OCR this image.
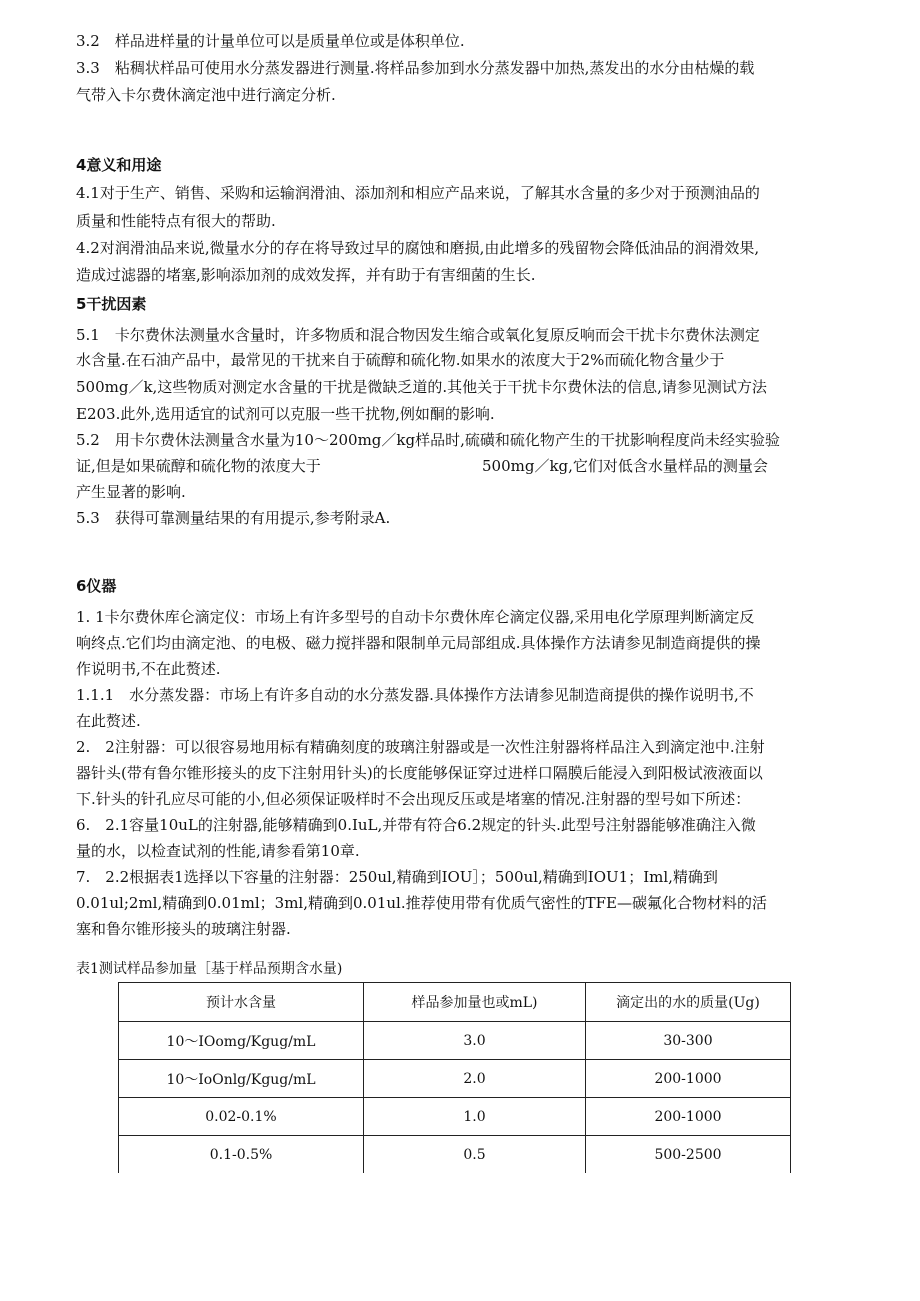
3.2　样品进样量的计量单位可以是质量单位或是体积单位.

3.3　粘稠状样品可使用水分蒸发器进行测量.将样品参加到水分蒸发器中加热,蒸发出的水分由枯燥的载

气带入卡尔费休滴定池中进行滴定分析.

4意义和用途

4.1对于生产、销售、采购和运输润滑油、添加剂和相应产品来说，了解其水含量的多少对于预测油品的

质量和性能特点有很大的帮助.

4.2对润滑油品来说,微量水分的存在将导致过早的腐蚀和磨损,由此增多的残留物会降低油品的润滑效果,

造成过滤器的堵塞,影响添加剂的成效发挥，并有助于有害细菌的生长.

5干扰因素

5.1　卡尔费休法测量水含量时，许多物质和混合物因发生缩合或氧化复原反响而会干扰卡尔费休法测定

水含量.在石油产品中，最常见的干扰来自于硫醇和硫化物.如果水的浓度大于2%而硫化物含量少于

500mg／k,这些物质对测定水含量的干扰是微缺乏道的.其他关于干扰卡尔费休法的信息,请参见测试方法

E203.此外,选用适宜的试剂可以克服一些干扰物,例如酮的影响.

5.2　用卡尔费休法测量含水量为10～200mg／kg样品时,硫磺和硫化物产生的干扰影响程度尚未经实验验

证,但是如果硫醇和硫化物的浓度大于	500mg／kg,它们对低含水量样品的测量会

产生显著的影响.

5.3　获得可靠测量结果的有用提示,参考附录A.

6仪器

1. 1卡尔费休库仑滴定仪：市场上有许多型号的自动卡尔费休库仑滴定仪器,采用电化学原理判断滴定反

响终点.它们均由滴定池、的电极、磁力搅拌器和限制单元局部组成.具体操作方法请参见制造商提供的操

作说明书,不在此赘述.

1.1.1　水分蒸发器：市场上有许多自动的水分蒸发器.具体操作方法请参见制造商提供的操作说明书,不

在此赘述.

2.　2注射器：可以很容易地用标有精确刻度的玻璃注射器或是一次性注射器将样品注入到滴定池中.注射

器针头(带有鲁尔锥形接头的皮下注射用针头)的长度能够保证穿过进样口隔膜后能浸入到阳极试液液面以

下.针头的针孔应尽可能的小,但必须保证吸样时不会出现反压或是堵塞的情况.注射器的型号如下所述：

6.　2.1容量10uL的注射器,能够精确到0.IuL,并带有符合6.2规定的针头.此型号注射器能够准确注入微

量的水，以检查试剂的性能,请参看第10章.

7.　2.2根据表1选择以下容量的注射器：250ul,精确到IOU］；500ul,精确到IOU1；Iml,精确到

0.01ul;2ml,精确到0.01ml；3ml,精确到0.01ul.推荐使用带有优质气密性的TFE—碳氟化合物材料的活

塞和鲁尔锥形接头的玻璃注射器.

表1测试样品参加量［基于样品预期含水量)

预计水含量	样品参加量也或mL)	滴定出的水的质量(Ug)
10～IOomg/Kgug/mL	3.0	30-300
10～IoOnlg/Kgug/mL	2.0	200-1000
0.02-0.1%	1.0	200-1000
0.1-0.5%	0.5	500-2500
